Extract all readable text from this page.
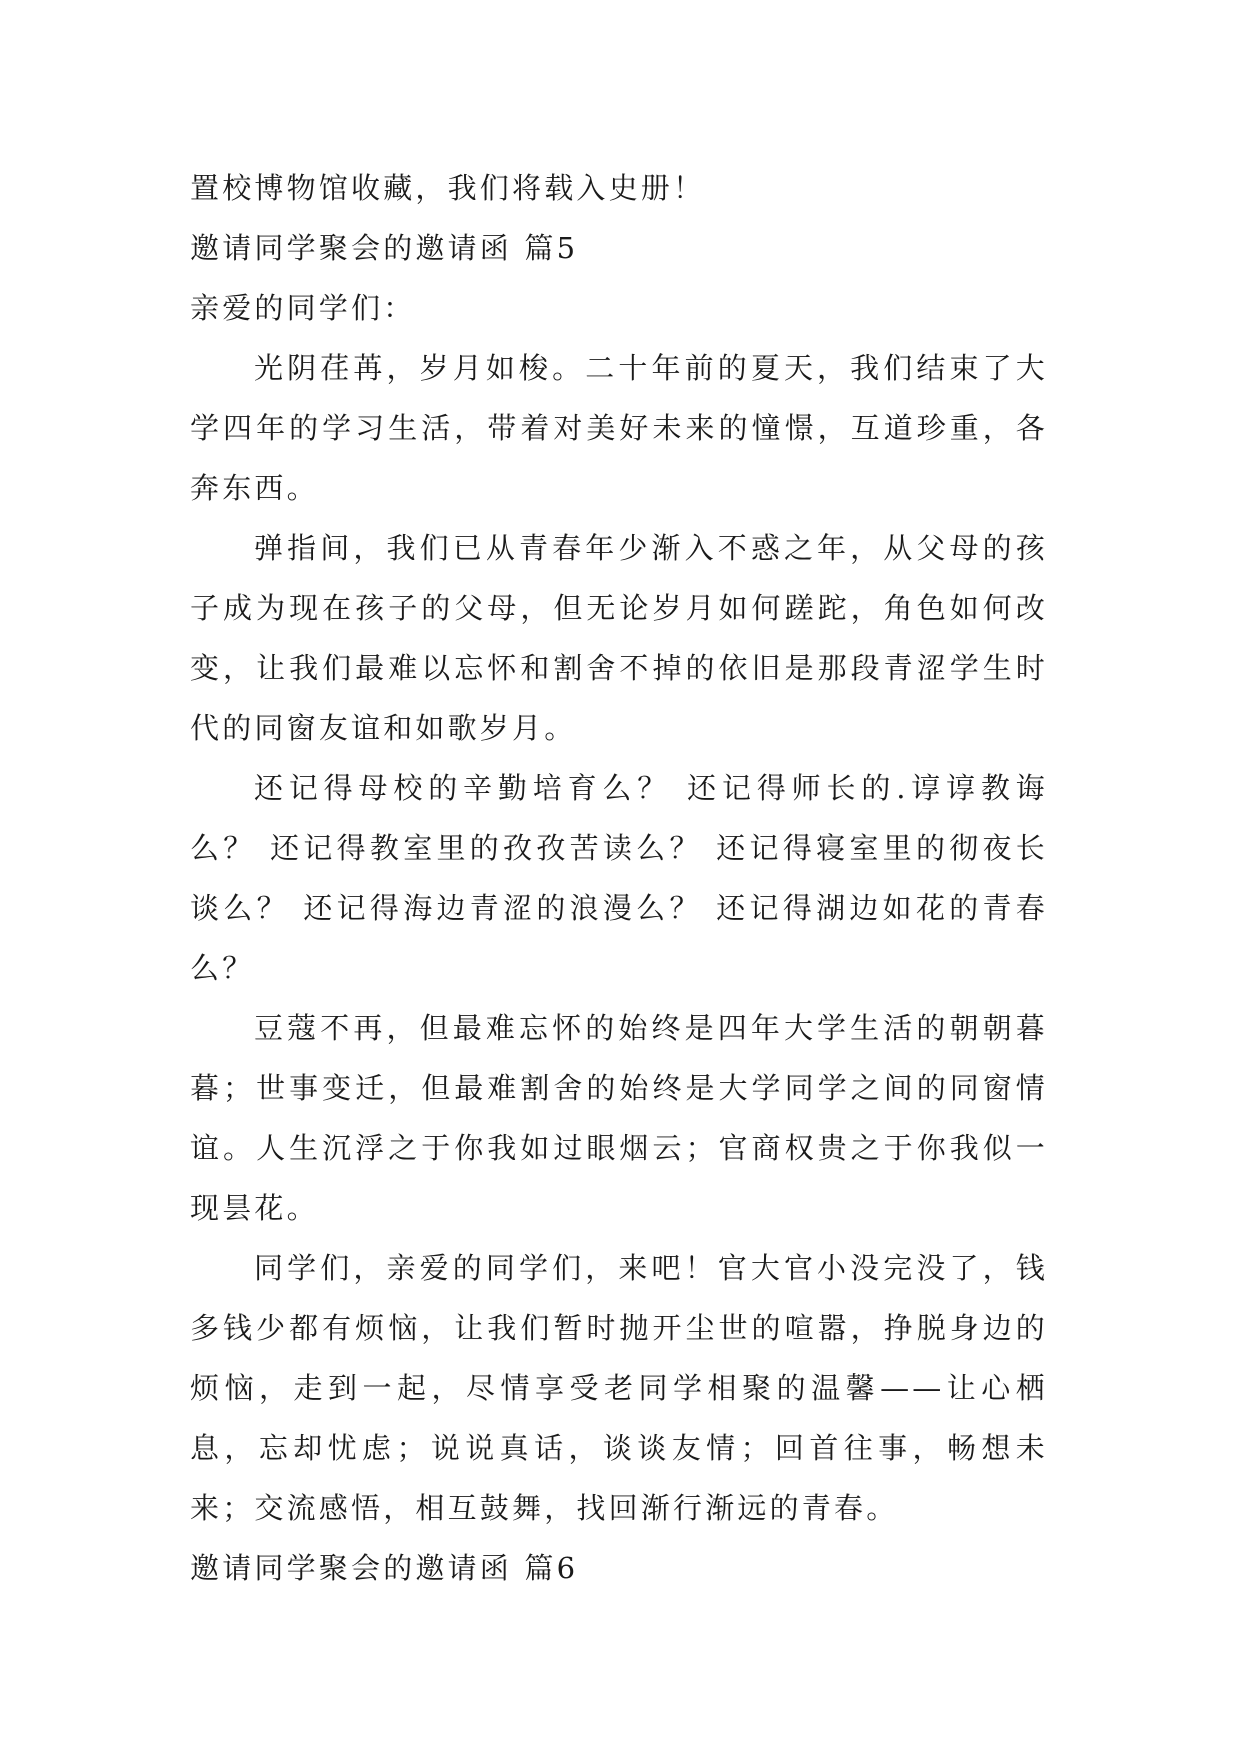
置校博物馆收藏，我们将载入史册！

邀请同学聚会的邀请函 篇5

亲爱的同学们：

光阴荏苒，岁月如梭。二十年前的夏天，我们结束了大学四年的学习生活，带着对美好未来的憧憬，互道珍重，各奔东西。

弹指间，我们已从青春年少渐入不惑之年，从父母的孩子成为现在孩子的父母，但无论岁月如何蹉跎，角色如何改变，让我们最难以忘怀和割舍不掉的依旧是那段青涩学生时代的同窗友谊和如歌岁月。

还记得母校的辛勤培育么？ 还记得师长的.谆谆教诲么？ 还记得教室里的孜孜苦读么？ 还记得寝室里的彻夜长谈么？ 还记得海边青涩的浪漫么？ 还记得湖边如花的青春么？

豆蔻不再，但最难忘怀的始终是四年大学生活的朝朝暮暮；世事变迁，但最难割舍的始终是大学同学之间的同窗情谊。人生沉浮之于你我如过眼烟云；官商权贵之于你我似一现昙花。

同学们，亲爱的同学们，来吧！官大官小没完没了，钱多钱少都有烦恼，让我们暂时抛开尘世的喧嚣，挣脱身边的烦恼，走到一起，尽情享受老同学相聚的温馨——让心栖息，忘却忧虑；说说真话，谈谈友情；回首往事，畅想未来；交流感悟，相互鼓舞，找回渐行渐远的青春。

邀请同学聚会的邀请函 篇6
